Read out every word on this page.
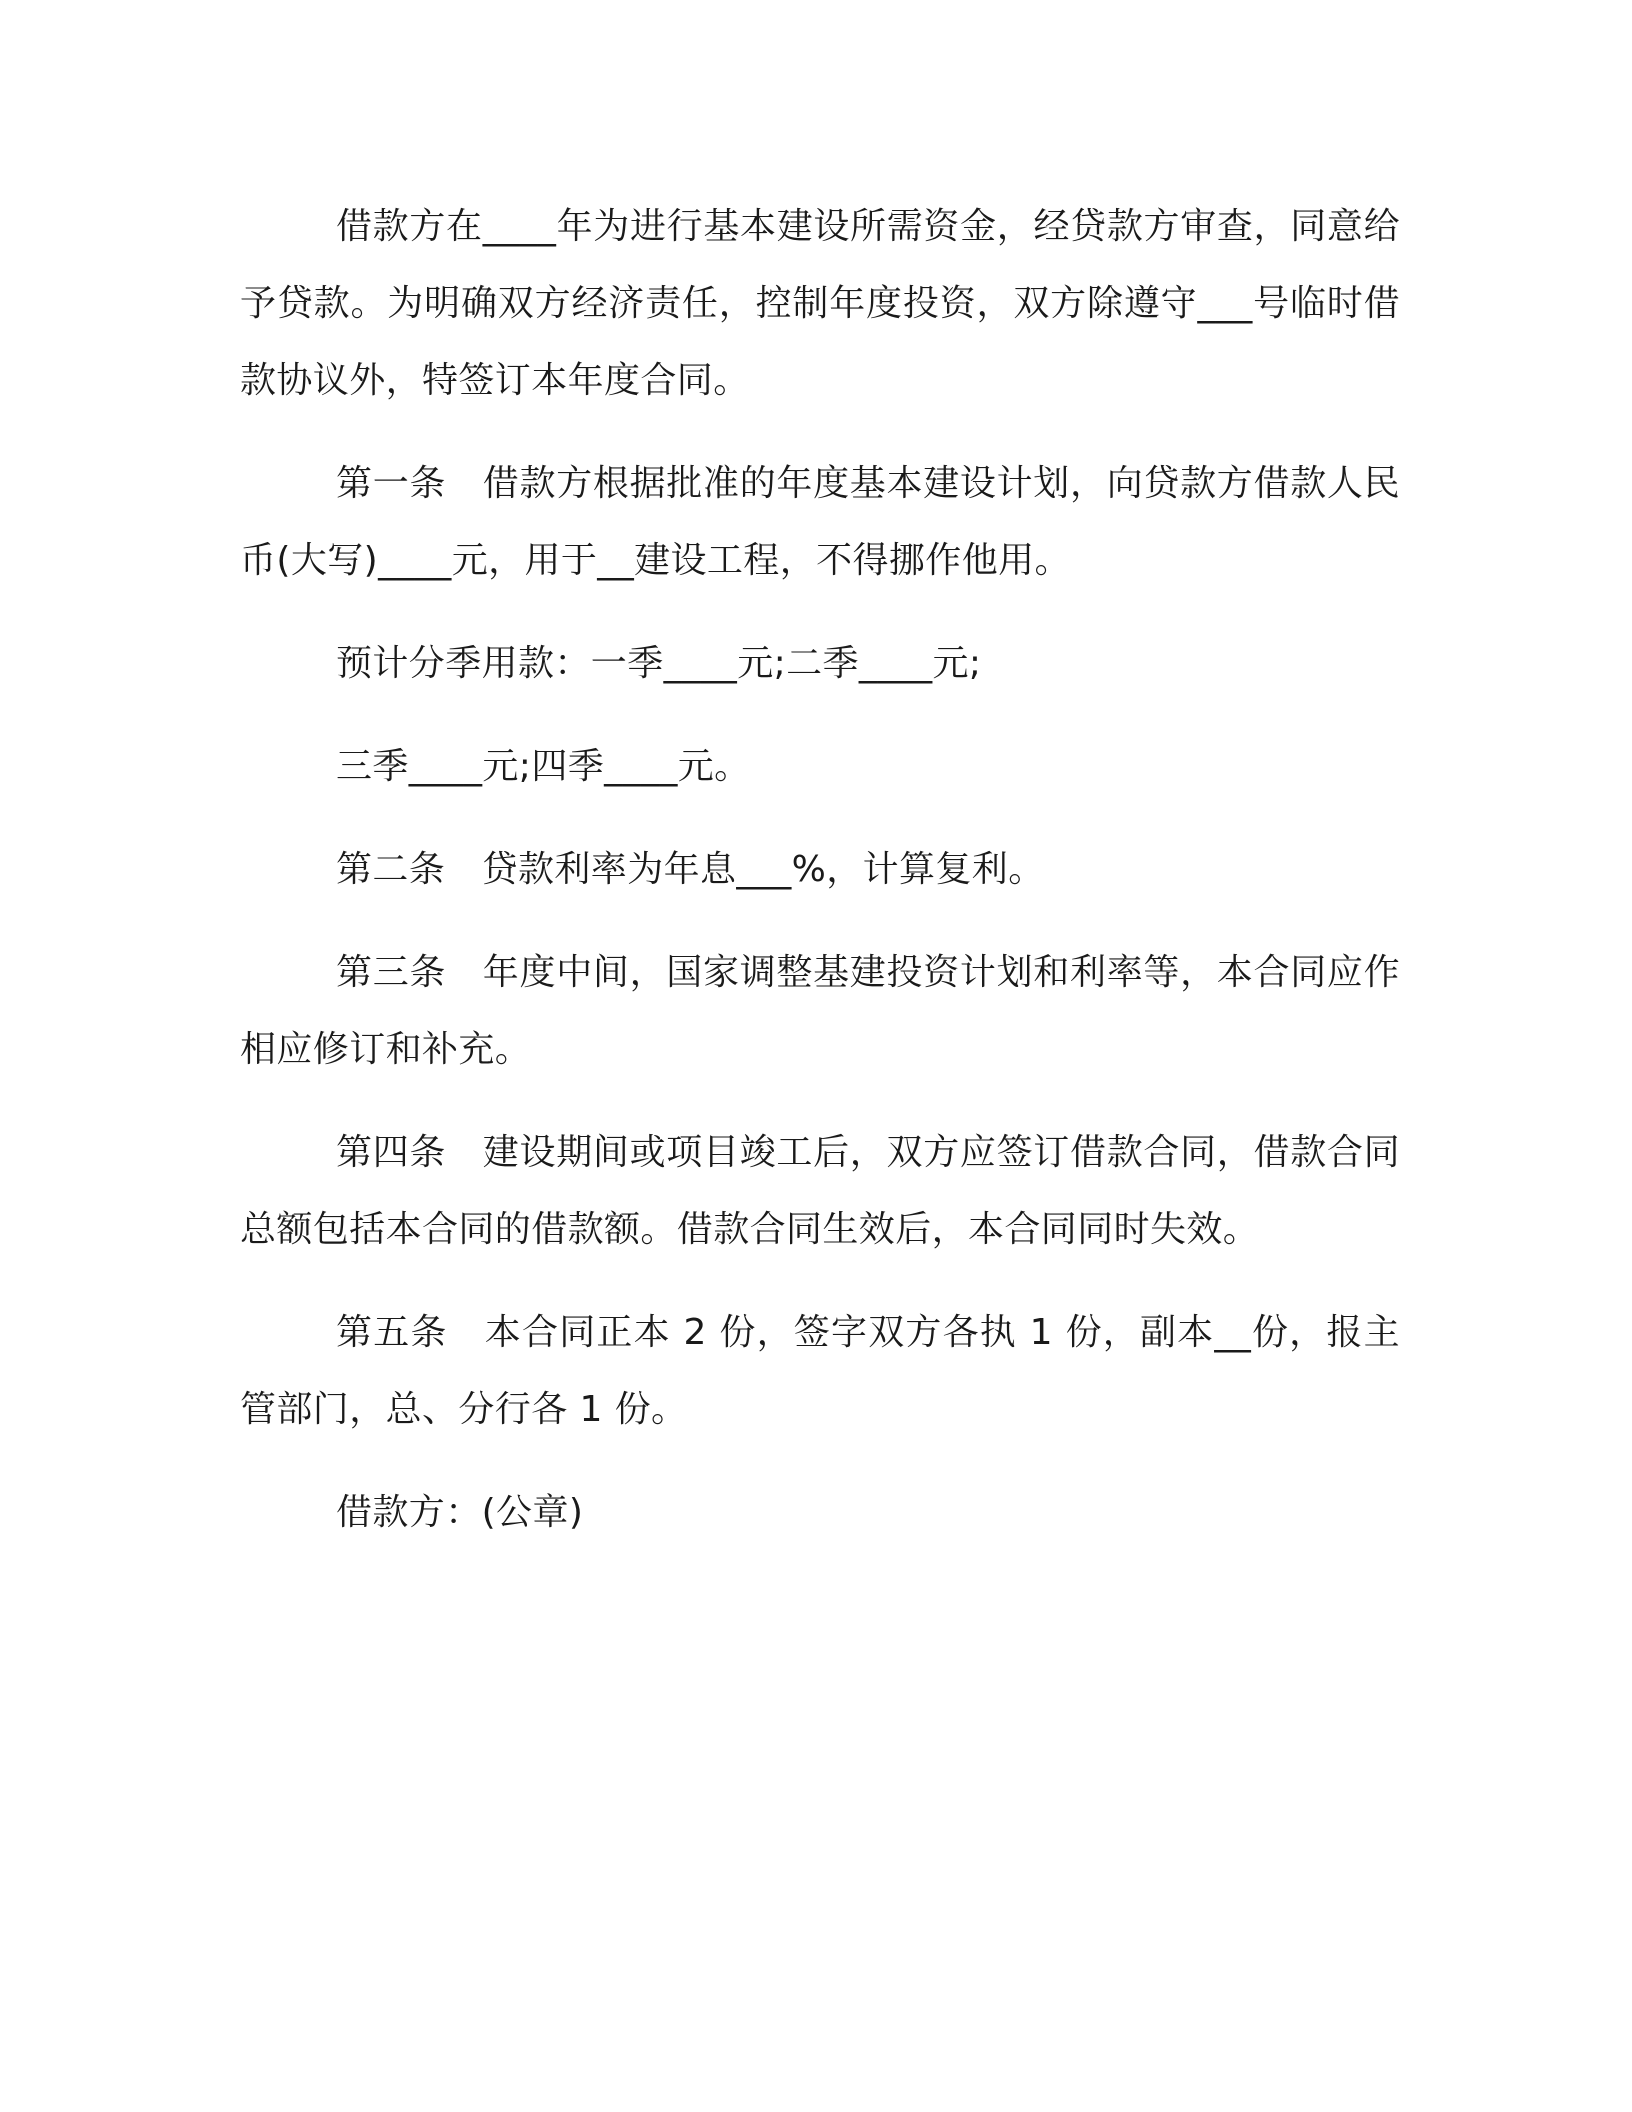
借款方在____年为进行基本建设所需资金，经贷款方审查，同意给予贷款。为明确双方经济责任，控制年度投资，双方除遵守___号临时借款协议外，特签订本年度合同。

第一条　借款方根据批准的年度基本建设计划，向贷款方借款人民币(大写)____元，用于__建设工程，不得挪作他用。

预计分季用款：一季____元;二季____元;

三季____元;四季____元。

第二条　贷款利率为年息___%，计算复利。

第三条　年度中间，国家调整基建投资计划和利率等，本合同应作相应修订和补充。

第四条　建设期间或项目竣工后，双方应签订借款合同，借款合同总额包括本合同的借款额。借款合同生效后，本合同同时失效。

第五条　本合同正本 2 份，签字双方各执 1 份，副本__份，报主管部门，总、分行各 1 份。

借款方：(公章)
